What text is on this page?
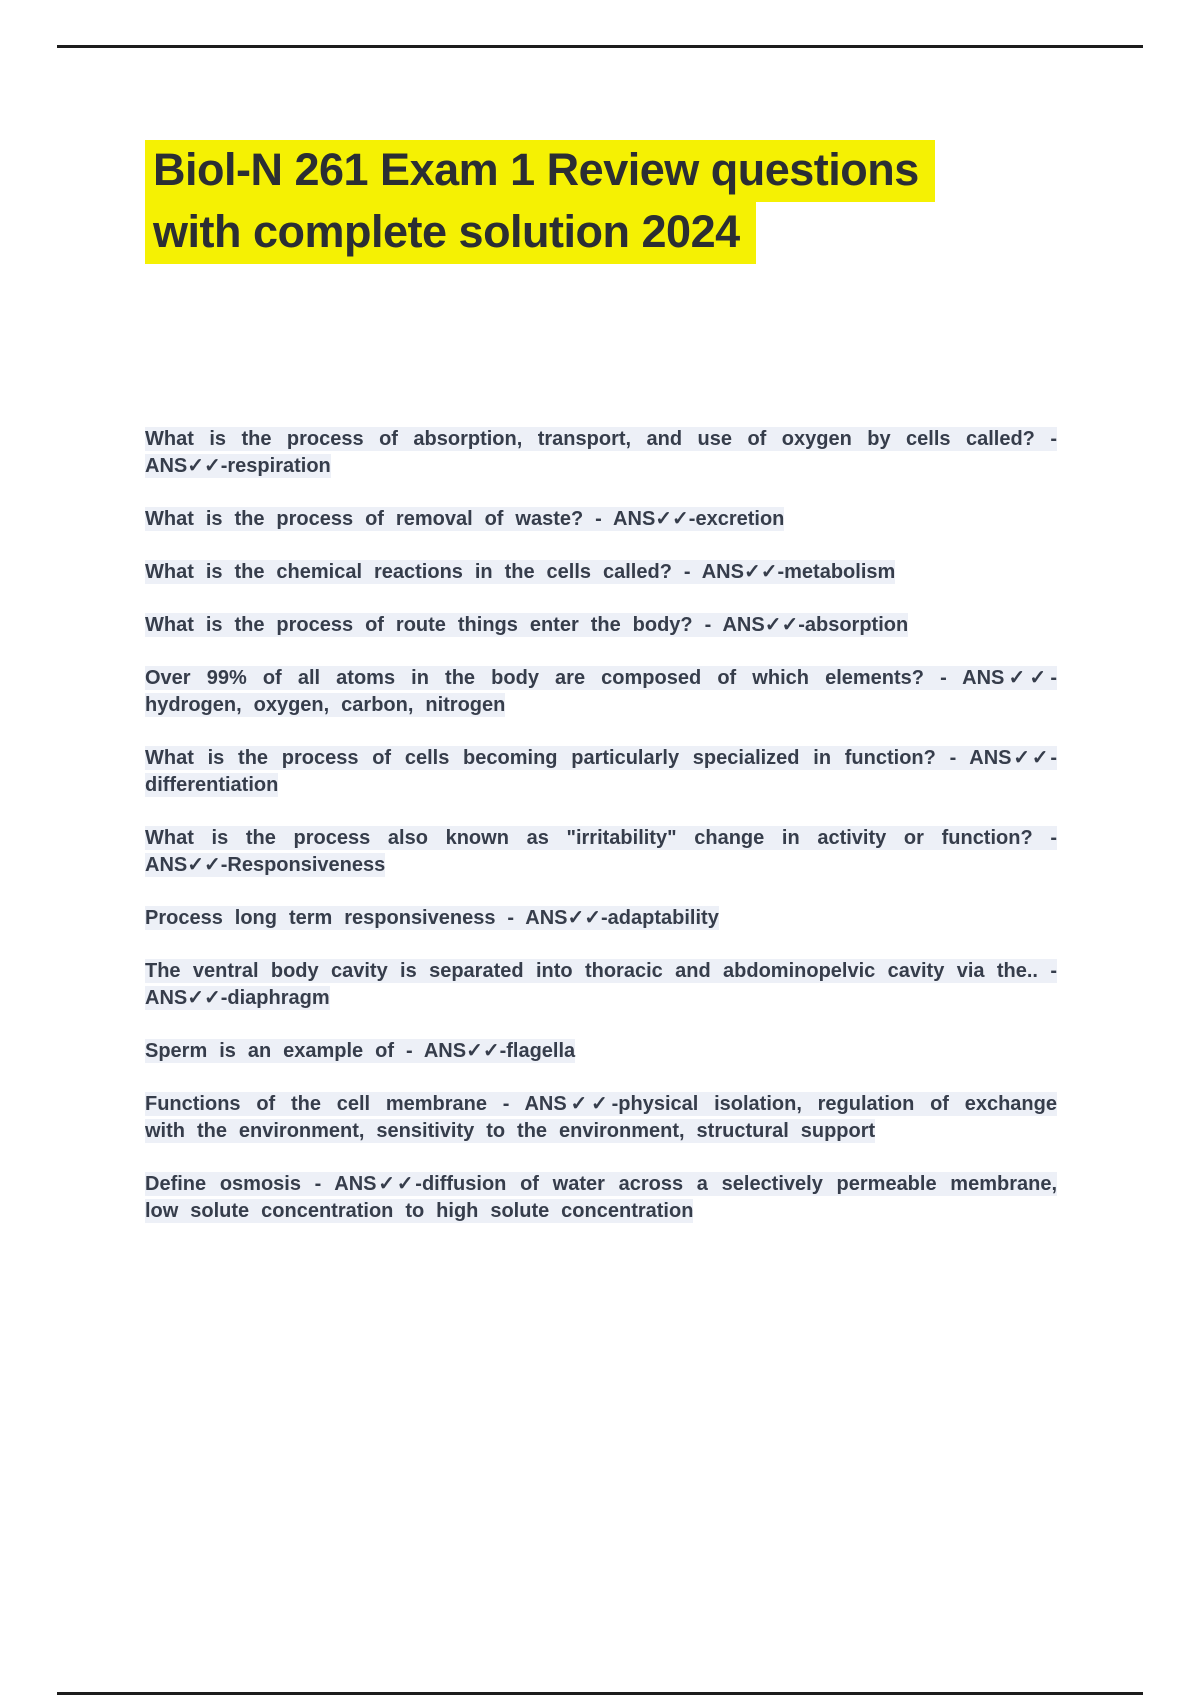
Biol-N 261 Exam 1 Review questions
with complete solution 2024

What is the process of absorption, transport, and use of oxygen by cells called? - ANS✓✓-respiration

What is the process of removal of waste? - ANS✓✓-excretion

What is the chemical reactions in the cells called? - ANS✓✓-metabolism

What is the process of route things enter the body? - ANS✓✓-absorption

Over 99% of all atoms in the body are composed of which elements? - ANS✓✓-hydrogen, oxygen, carbon, nitrogen

What is the process of cells becoming particularly specialized in function? - ANS✓✓-differentiation

What is the process also known as "irritability" change in activity or function? - ANS✓✓-Responsiveness

Process long term responsiveness - ANS✓✓-adaptability

The ventral body cavity is separated into thoracic and abdominopelvic cavity via the.. - ANS✓✓-diaphragm

Sperm is an example of - ANS✓✓-flagella

Functions of the cell membrane - ANS✓✓-physical isolation, regulation of exchange with the environment, sensitivity to the environment, structural support

Define osmosis - ANS✓✓-diffusion of water across a selectively permeable membrane, low solute concentration to high solute concentration
